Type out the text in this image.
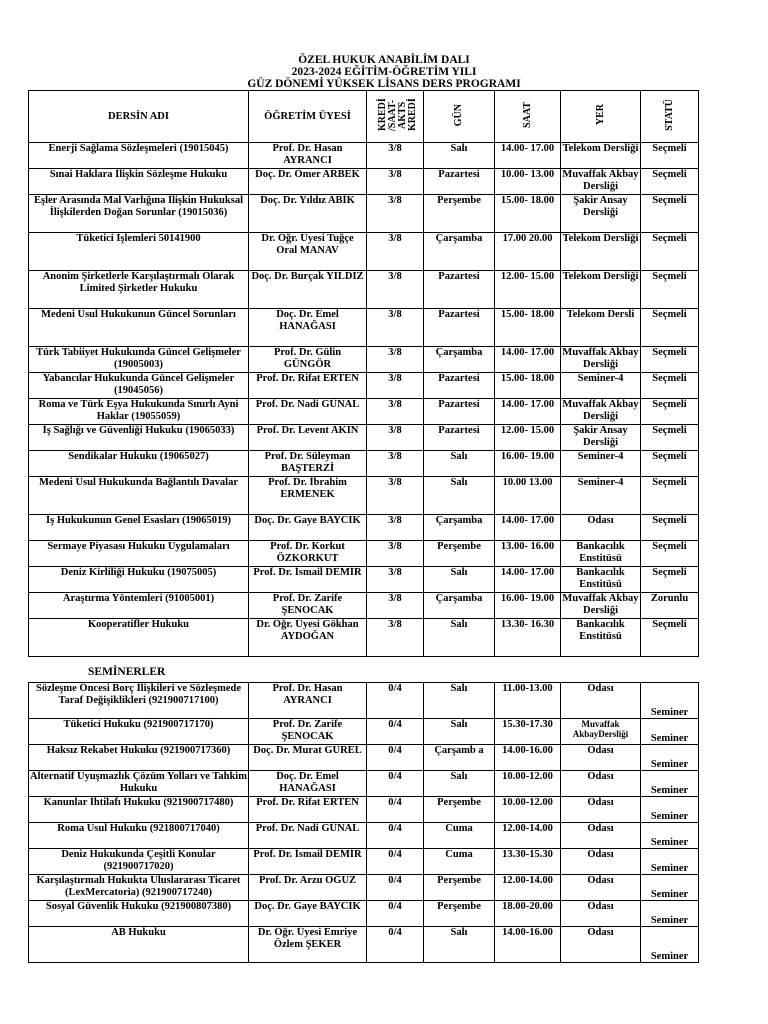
ÖZEL HUKUK ANABİLİM DALI
2023-2024 EĞİTİM-ÖĞRETİM YILI
GÜZ DÖNEMİ YÜKSEK LİSANS DERS PROGRAMI
DERSİN ADI	ÖĞRETİM ÜYESİ	KREDİ /SAAT- AKTS KREDİ	GÜN	SAAT	YER	STATÜ
Enerji Sağlama Sözleşmeleri (19015045)	Prof. Dr. Hasan AYRANCI	3/8	Salı	14.00- 17.00	Telekom Dersliği	Seçmeli
Sınai Haklara İlişkin Sözleşme Hukuku	Doç. Dr. Ömer ARBEK	3/8	Pazartesi	10.00- 13.00	Muvaffak Akbay Dersliği	Seçmeli
Eşler Arasında Mal Varlığına İlişkin Hukuksal İlişkilerden Doğan Sorunlar (19015036)	Doç. Dr. Yıldız ABİK	3/8	Perşembe	15.00- 18.00	Şakir Ansay Dersliği	Seçmeli
Tüketici İşlemleri 50141900	Dr. Öğr. Üyesi Tuğçe Oral MANAV	3/8	Çarşamba	17.00 20.00	Telekom Dersliği	Seçmeli
Anonim Şirketlerle Karşılaştırmalı Olarak Limited Şirketler Hukuku	Doç. Dr. Burçak YILDIZ	3/8	Pazartesi	12.00- 15.00	Telekom Dersliği	Seçmeli
Medeni Usul Hukukunun Güncel Sorunları	Doç. Dr. Emel HANAĞASI	3/8	Pazartesi	15.00- 18.00	Telekom Dersli	Seçmeli
Türk Tabiiyet Hukukunda Güncel Gelişmeler (19005003)	Prof. Dr. Gülin GÜNGÖR	3/8	Çarşamba	14.00- 17.00	Muvaffak Akbay Dersliği	Seçmeli
Yabancılar Hukukunda Güncel Gelişmeler (19045056)	Prof. Dr. Rifat ERTEN	3/8	Pazartesi	15.00- 18.00	Seminer-4	Seçmeli
Roma ve Türk Eşya Hukukunda Sınırlı Ayni Haklar (19055059)	Prof. Dr. Nadi GÜNAL	3/8	Pazartesi	14.00- 17.00	Muvaffak Akbay Dersliği	Seçmeli
İş Sağlığı ve Güvenliği Hukuku (19065033)	Prof. Dr. Levent AKIN	3/8	Pazartesi	12.00- 15.00	Şakir Ansay Dersliği	Seçmeli
Sendikalar Hukuku (19065027)	Prof. Dr. Süleyman BAŞTERZİ	3/8	Salı	16.00- 19.00	Seminer-4	Seçmeli
Medeni Usul Hukukunda Bağlantılı Davalar	Prof. Dr. İbrahim ERMENEK	3/8	Salı	10.00 13.00	Seminer-4	Seçmeli
İş Hukukunun Genel Esasları (19065019)	Doç. Dr. Gaye BAYCIK	3/8	Çarşamba	14.00- 17.00	Odası	Seçmeli
Sermaye Piyasası Hukuku Uygulamaları	Prof. Dr. Korkut ÖZKORKUT	3/8	Perşembe	13.00- 16.00	Bankacılık Enstitüsü	Seçmeli
Deniz Kirliliği Hukuku (19075005)	Prof. Dr. İsmail DEMİR	3/8	Salı	14.00- 17.00	Bankacılık Enstitüsü	Seçmeli
Araştırma Yöntemleri (91005001)	Prof. Dr. Zarife ŞENOCAK	3/8	Çarşamba	16.00- 19.00	Muvaffak Akbay Dersliği	Zorunlu
Kooperatifler Hukuku	Dr. Öğr. Üyesi Gökhan AYDOĞAN	3/8	Salı	13.30- 16.30	Bankacılık Enstitüsü	Seçmeli
SEMİNERLER
Sözleşme Öncesi Borç İlişkileri ve Sözleşmede Taraf Değişiklikleri (921900717100)	Prof. Dr. Hasan AYRANCI	0/4	Salı	11.00-13.00	Odası	Seminer
Tüketici Hukuku (921900717170)	Prof. Dr. Zarife ŞENOCAK	0/4	Salı	15.30-17.30	Muvaffak AkbayDersliği	Seminer
Haksız Rekabet Hukuku (921900717360)	Doç. Dr. Murat GÜREL	0/4	Çarşamb a	14.00-16.00	Odası	Seminer
Alternatif Uyuşmazlık Çözüm Yolları ve Tahkim Hukuku	Doç. Dr. Emel HANAĞASI	0/4	Salı	10.00-12.00	Odası	Seminer
Kanunlar İhtilafı Hukuku (921900717480)	Prof. Dr. Rifat ERTEN	0/4	Perşembe	10.00-12.00	Odası	Seminer
Roma Usul Hukuku (921800717040)	Prof. Dr. Nadi GÜNAL	0/4	Cuma	12.00-14.00	Odası	Seminer
Deniz Hukukunda Çeşitli Konular (921900717020)	Prof. Dr. İsmail DEMİR	0/4	Cuma	13.30-15.30	Odası	Seminer
Karşılaştırmalı Hukukta Uluslararası Ticaret (LexMercatoria) (921900717240)	Prof. Dr. Arzu OĞUZ	0/4	Perşembe	12.00-14.00	Odası	Seminer
Sosyal Güvenlik Hukuku (921900807380)	Doç. Dr. Gaye BAYCIK	0/4	Perşembe	18.00-20.00	Odası	Seminer
AB Hukuku	Dr. Öğr. Üyesi Emriye Özlem ŞEKER	0/4	Salı	14.00-16.00	Odası	Seminer
